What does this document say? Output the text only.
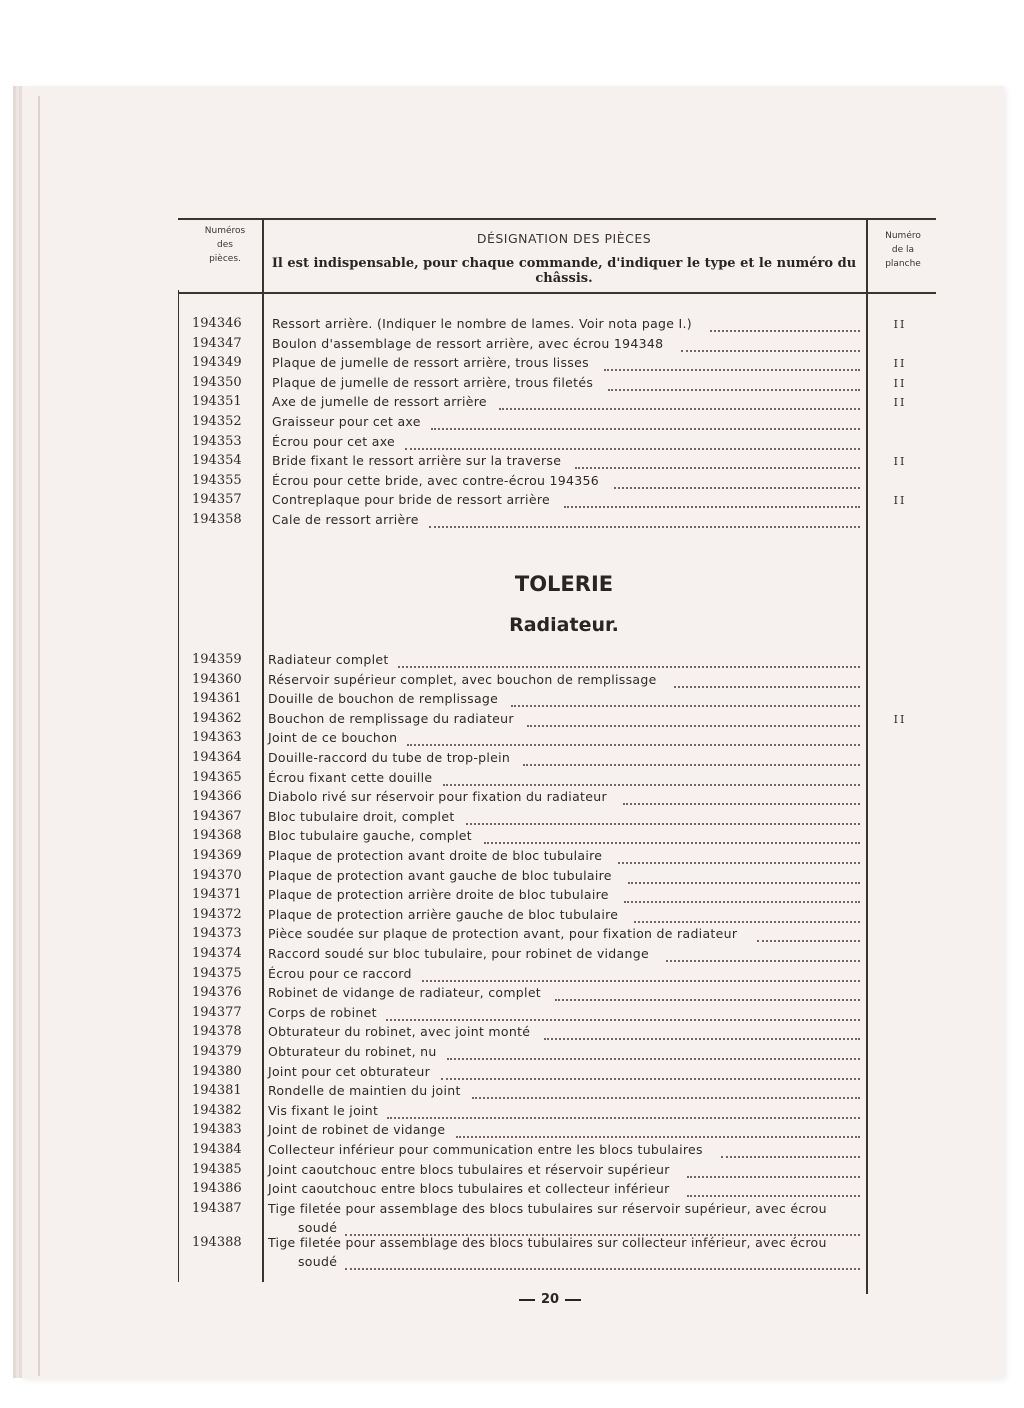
Numéros
des
pièces.
DÉSIGNATION DES PIÈCES
Il est indispensable, pour chaque commande, d'indiquer le type et le numéro du châssis.
Numéro
de la
planche
194346	Ressort arrière. (Indiquer le nombre de lames. Voir nota page I.)	II
194347	Boulon d'assemblage de ressort arrière, avec écrou 194348
194349	Plaque de jumelle de ressort arrière, trous lisses	II
194350	Plaque de jumelle de ressort arrière, trous filetés	II
194351	Axe de jumelle de ressort arrière	II
194352	Graisseur pour cet axe
194353	Écrou pour cet axe
194354	Bride fixant le ressort arrière sur la traverse	II
194355	Écrou pour cette bride, avec contre-écrou 194356
194357	Contreplaque pour bride de ressort arrière	II
194358	Cale de ressort arrière
194359	Radiateur complet
194360	Réservoir supérieur complet, avec bouchon de remplissage
194361	Douille de bouchon de remplissage
194362	Bouchon de remplissage du radiateur	II
194363	Joint de ce bouchon
194364	Douille-raccord du tube de trop-plein
194365	Écrou fixant cette douille
194366	Diabolo rivé sur réservoir pour fixation du radiateur
194367	Bloc tubulaire droit, complet
194368	Bloc tubulaire gauche, complet
194369	Plaque de protection avant droite de bloc tubulaire
194370	Plaque de protection avant gauche de bloc tubulaire
194371	Plaque de protection arrière droite de bloc tubulaire
194372	Plaque de protection arrière gauche de bloc tubulaire
194373	Pièce soudée sur plaque de protection avant, pour fixation de radiateur
194374	Raccord soudé sur bloc tubulaire, pour robinet de vidange
194375	Écrou pour ce raccord
194376	Robinet de vidange de radiateur, complet
194377	Corps de robinet
194378	Obturateur du robinet, avec joint monté
194379	Obturateur du robinet, nu
194380	Joint pour cet obturateur
194381	Rondelle de maintien du joint
194382	Vis fixant le joint
194383	Joint de robinet de vidange
194384	Collecteur inférieur pour communication entre les blocs tubulaires
194385	Joint caoutchouc entre blocs tubulaires et réservoir supérieur
194386	Joint caoutchouc entre blocs tubulaires et collecteur inférieur
194387	Tige filetée pour assemblage des blocs tubulaires sur réservoir supérieur, avec écrou
soudé
194388	Tige filetée pour assemblage des blocs tubulaires sur collecteur inférieur, avec écrou
soudé
TOLERIE
Radiateur.
20
